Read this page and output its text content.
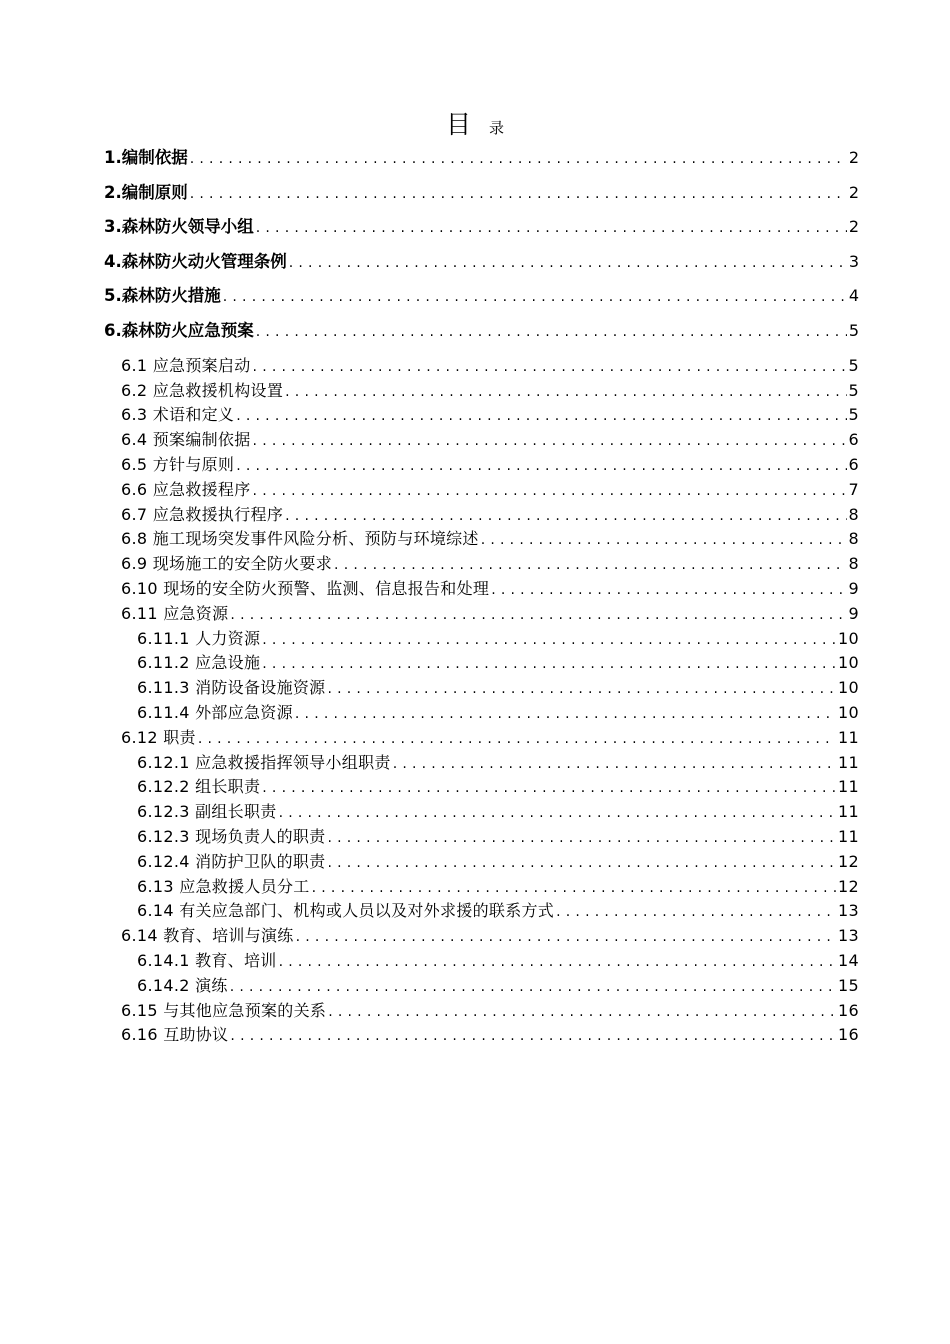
目 录
1.编制依据 .....	2
2.编制原则 .....	2
3.森林防火领导小组 .....	2
4.森林防火动火管理条例 .....	3
5.森林防火措施 .....	4
6.森林防火应急预案 .....	5
6.1 应急预案启动 .....	5
6.2 应急救援机构设置 .....	5
6.3 术语和定义 .....	5
6.4 预案编制依据 .....	6
6.5 方针与原则 .....	6
6.6 应急救援程序 .....	7
6.7 应急救援执行程序 .....	8
6.8 施工现场突发事件风险分析、预防与环境综述 .....	8
6.9 现场施工的安全防火要求 .....	8
6.10 现场的安全防火预警、监测、信息报告和处理 .....	9
6.11 应急资源 .....	9
6.11.1 人力资源 .....	10
6.11.2 应急设施 .....	10
6.11.3 消防设备设施资源 .....	10
6.11.4 外部应急资源 .....	10
6.12 职责 .....	11
6.12.1 应急救援指挥领导小组职责 .....	11
6.12.2 组长职责 .....	11
6.12.3 副组长职责 .....	11
6.12.3 现场负责人的职责 .....	11
6.12.4 消防护卫队的职责 .....	12
6.13 应急救援人员分工 .....	12
6.14 有关应急部门、机构或人员以及对外求援的联系方式 .....	13
6.14 教育、培训与演练 .....	13
6.14.1 教育、培训 .....	14
6.14.2 演练 .....	15
6.15 与其他应急预案的关系 .....	16
6.16 互助协议 .....	16
